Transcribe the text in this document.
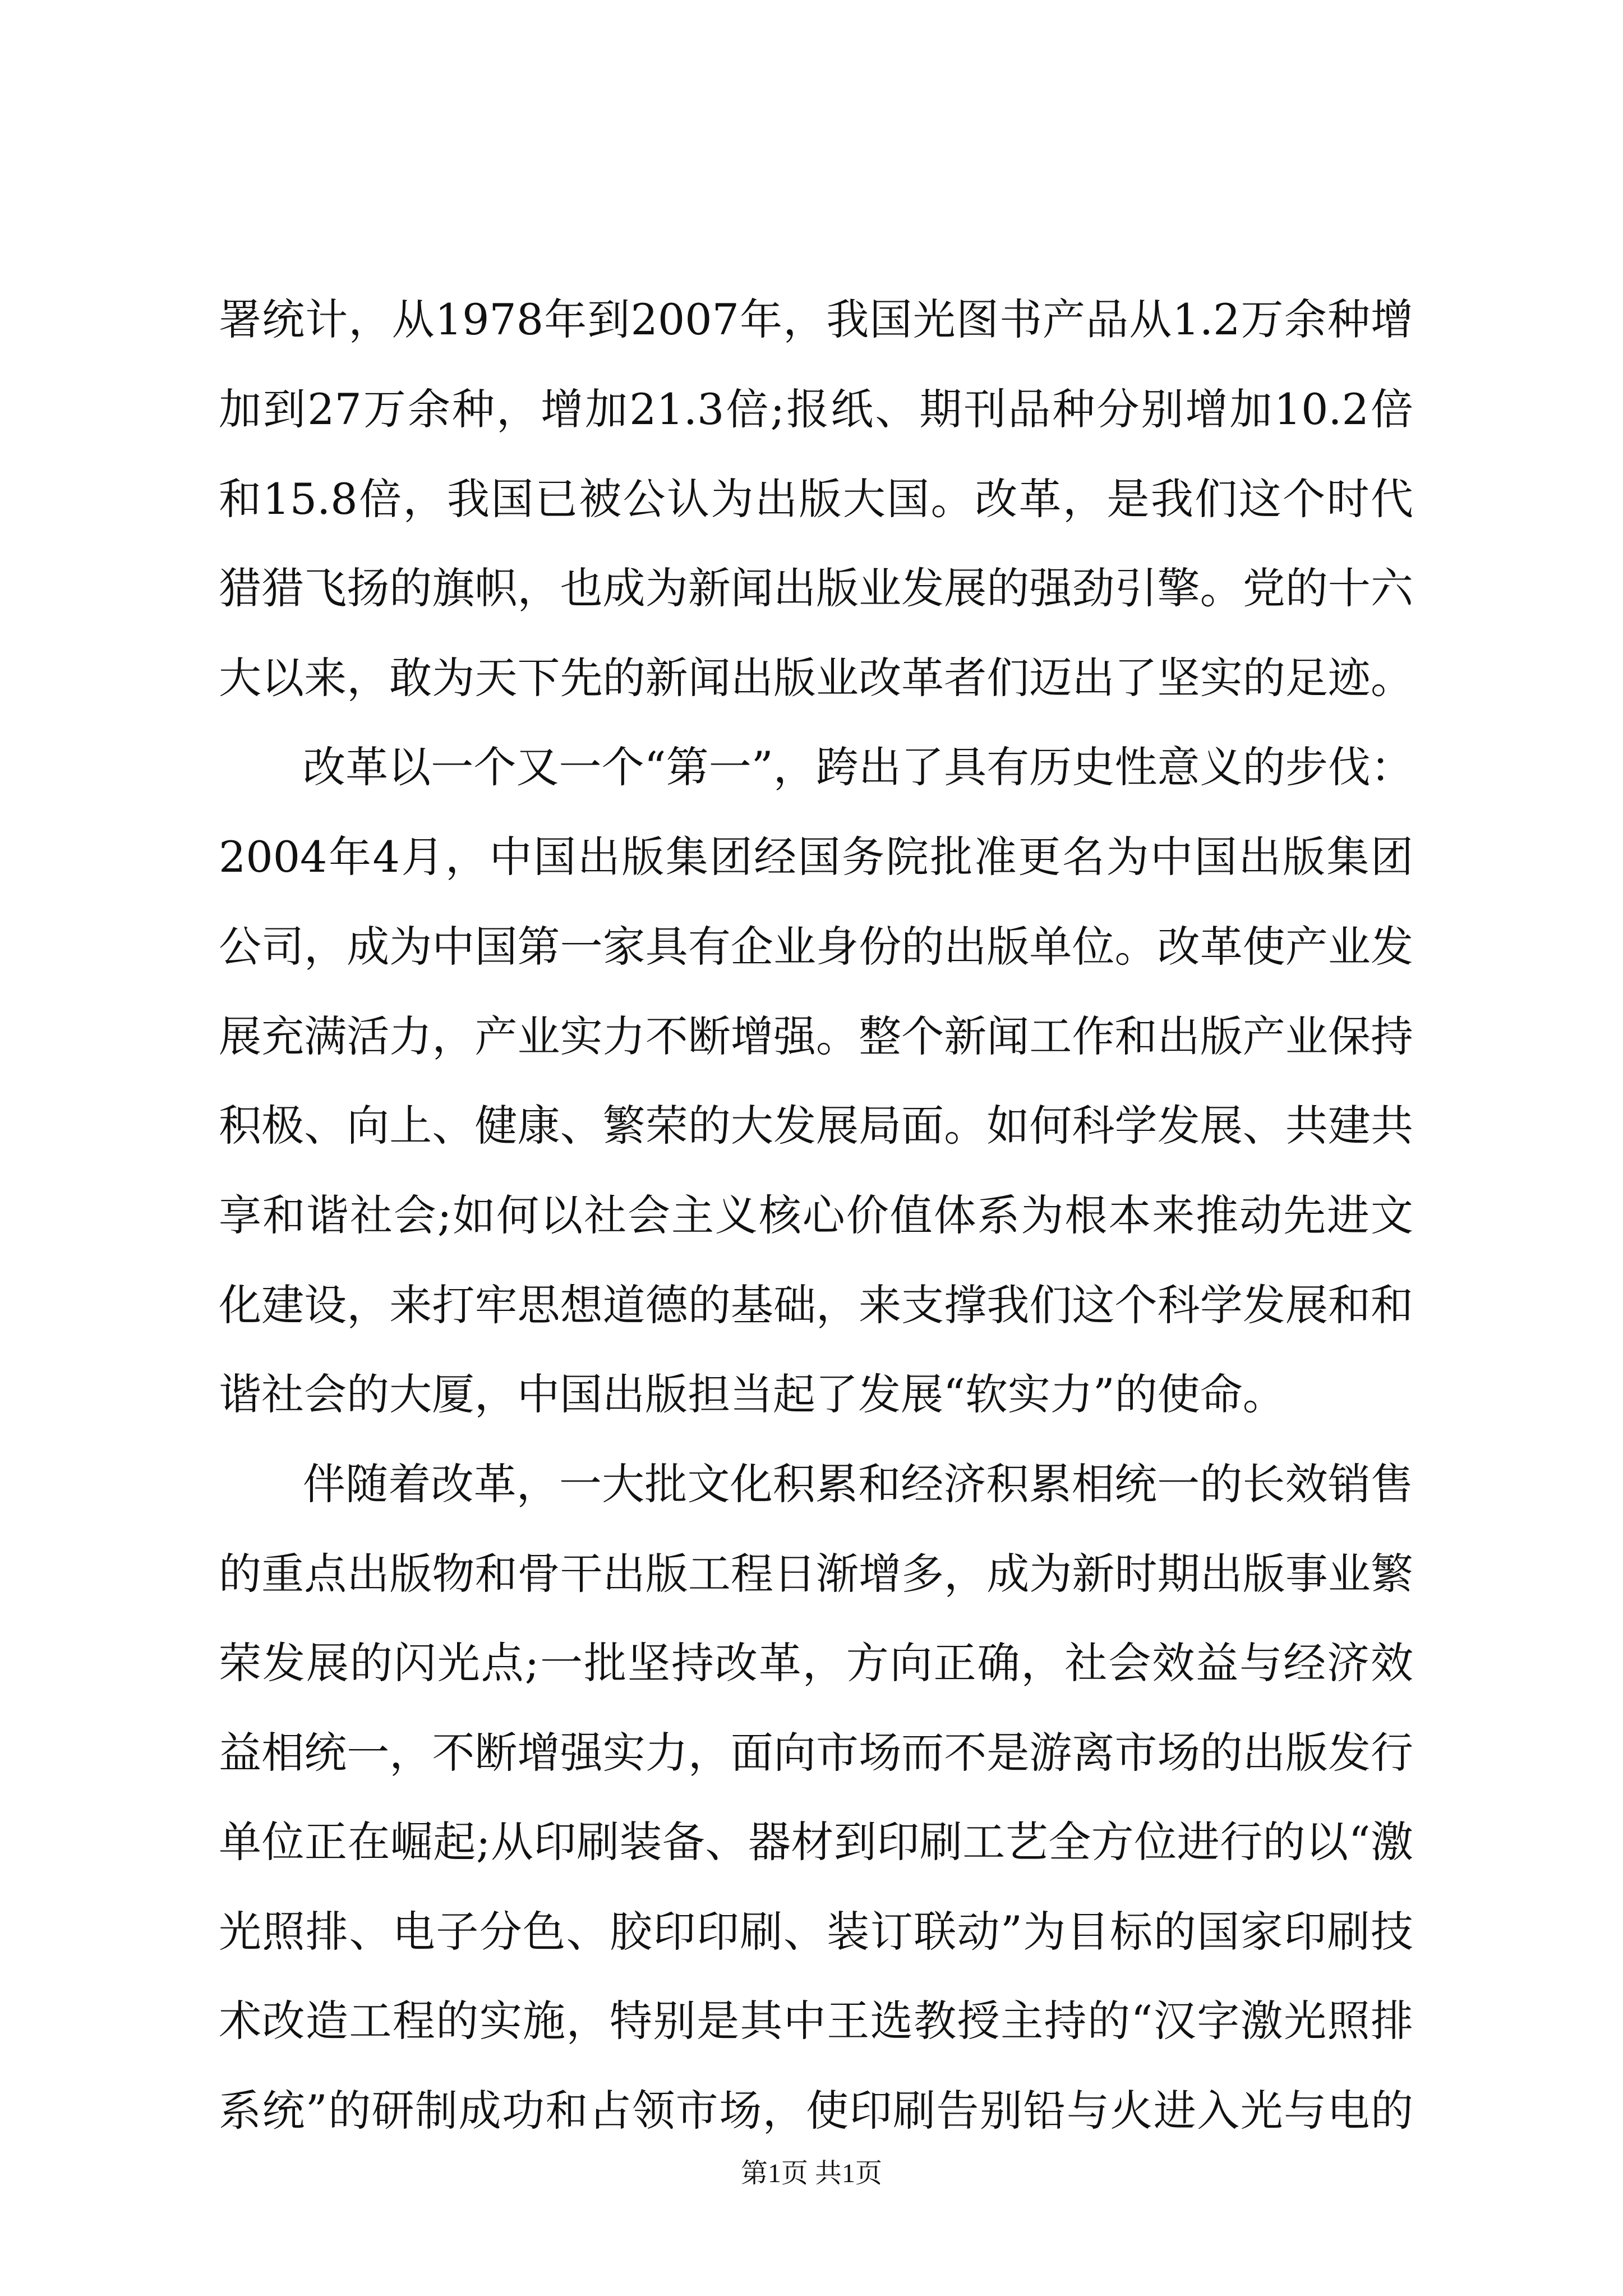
署统计，从1978年到2007年，我国光图书产品从1.2万余种增
加到27万余种，增加21.3倍;报纸、期刊品种分别增加10.2倍
和15.8倍，我国已被公认为出版大国。改革，是我们这个时代
猎猎飞扬的旗帜，也成为新闻出版业发展的强劲引擎。党的十六
大以来，敢为天下先的新闻出版业改革者们迈出了坚实的足迹。
改革以一个又一个“第一”，跨出了具有历史性意义的步伐：
2004年4月，中国出版集团经国务院批准更名为中国出版集团
公司，成为中国第一家具有企业身份的出版单位。改革使产业发
展充满活力，产业实力不断增强。整个新闻工作和出版产业保持
积极、向上、健康、繁荣的大发展局面。如何科学发展、共建共
享和谐社会;如何以社会主义核心价值体系为根本来推动先进文
化建设，来打牢思想道德的基础，来支撑我们这个科学发展和和
谐社会的大厦，中国出版担当起了发展“软实力”的使命。
伴随着改革，一大批文化积累和经济积累相统一的长效销售
的重点出版物和骨干出版工程日渐增多，成为新时期出版事业繁
荣发展的闪光点;一批坚持改革，方向正确，社会效益与经济效
益相统一，不断增强实力，面向市场而不是游离市场的出版发行
单位正在崛起;从印刷装备、器材到印刷工艺全方位进行的以“激
光照排、电子分色、胶印印刷、装订联动”为目标的国家印刷技
术改造工程的实施，特别是其中王选教授主持的“汉字激光照排
系统”的研制成功和占领市场，使印刷告别铅与火进入光与电的
第1页 共1页
